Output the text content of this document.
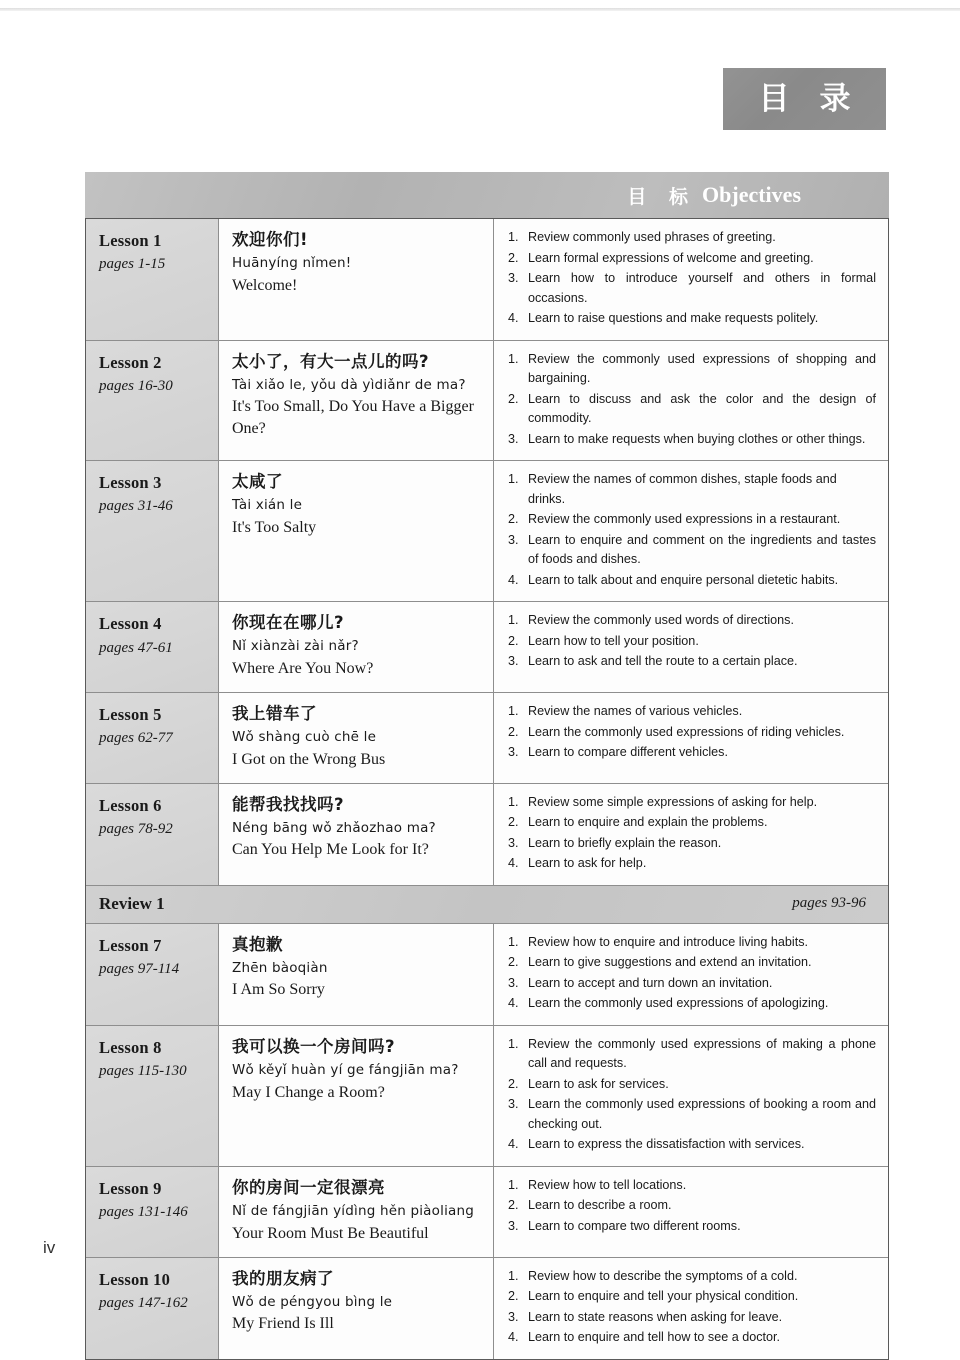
目 录
目 标 Objectives
Lesson 1
pages 1-15
欢迎你们!
Huānyíng nǐmen!
Welcome!
Review commonly used phrases of greeting.
Learn formal expressions of welcome and greeting.
Learn how to introduce yourself and others in formal occasions.
Learn to raise questions and make requests politely.
Lesson 2
pages 16-30
太小了，有大一点儿的吗?
Tài xiǎo le, yǒu dà yìdiǎnr de ma?
It's Too Small, Do You Have a Bigger One?
Review the commonly used expressions of shopping and bargaining.
Learn to discuss and ask the color and the design of commodity.
Learn to make requests when buying clothes or other things.
Lesson 3
pages 31-46
太咸了
Tài xián le
It's Too Salty
Review the names of common dishes, staple foods and drinks.
Review the commonly used expressions in a restaurant.
Learn to enquire and comment on the ingredients and tastes of foods and dishes.
Learn to talk about and enquire personal dietetic habits.
Lesson 4
pages 47-61
你现在在哪儿?
Nǐ xiànzài zài nǎr?
Where Are You Now?
Review the commonly used words of directions.
Learn how to tell your position.
Learn to ask and tell the route to a certain place.
Lesson 5
pages 62-77
我上错车了
Wǒ shàng cuò chē le
I Got on the Wrong Bus
Review the names of various vehicles.
Learn the commonly used expressions of riding vehicles.
Learn to compare different vehicles.
Lesson 6
pages 78-92
能帮我找找吗?
Néng bāng wǒ zhǎozhao ma?
Can You Help Me Look for It?
Review some simple expressions of asking for help.
Learn to enquire and explain the problems.
Learn to briefly explain the reason.
Learn to ask for help.
Review 1	pages 93-96
Lesson 7
pages 97-114
真抱歉
Zhēn bàoqiàn
I Am So Sorry
Review how to enquire and introduce living habits.
Learn to give suggestions and extend an invitation.
Learn to accept and turn down an invitation.
Learn the commonly used expressions of apologizing.
Lesson 8
pages 115-130
我可以换一个房间吗?
Wǒ kěyǐ huàn yí ge fángjiān ma?
May I Change a Room?
Review the commonly used expressions of making a phone call and requests.
Learn to ask for services.
Learn the commonly used expressions of booking a room and checking out.
Learn to express the dissatisfaction with services.
Lesson 9
pages 131-146
你的房间一定很漂亮
Nǐ de fángjiān yídìng hěn piàoliang
Your Room Must Be Beautiful
Review how to tell locations.
Learn to describe a room.
Learn to compare two different rooms.
Lesson 10
pages 147-162
我的朋友病了
Wǒ de péngyou bìng le
My Friend Is Ill
Review how to describe the symptoms of a cold.
Learn to enquire and tell your physical condition.
Learn to state reasons when asking for leave.
Learn to enquire and tell how to see a doctor.
iv
